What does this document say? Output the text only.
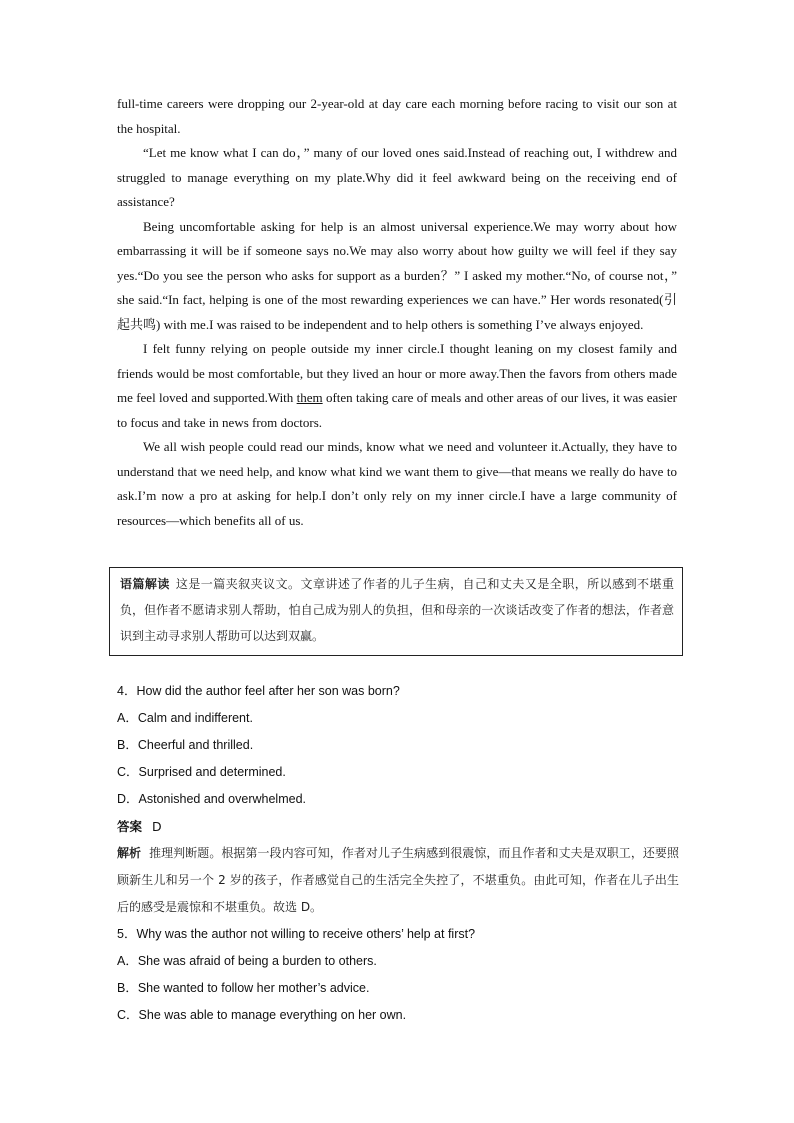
full-time careers were dropping our 2-year-old at day care each morning before racing to visit our son at the hospital.

“Let me know what I can do，” many of our loved ones said.Instead of reaching out, I withdrew and struggled to manage everything on my plate.Why did it feel awkward being on the receiving end of assistance?

Being uncomfortable asking for help is an almost universal experience.We may worry about how embarrassing it will be if someone says no.We may also worry about how guilty we will feel if they say yes.“Do you see the person who asks for support as a burden？” I asked my mother.“No, of course not，” she said.“In fact, helping is one of the most rewarding experiences we can have.” Her words resonated(引起共鸣) with me.I was raised to be independent and to help others is something I’ve always enjoyed.

I felt funny relying on people outside my inner circle.I thought leaning on my closest family and friends would be most comfortable, but they lived an hour or more away.Then the favors from others made me feel loved and supported.With them often taking care of meals and other areas of our lives, it was easier to focus and take in news from doctors.

We all wish people could read our minds, know what we need and volunteer it.Actually, they have to understand that we need help, and know what kind we want them to give—that means we really do have to ask.I’m now a pro at asking for help.I don’t only rely on my inner circle.I have a large community of resources—which benefits all of us.

语篇解读 这是一篇夹叙夹议文。文章讲述了作者的儿子生病，自己和丈夫又是全职，所以感到不堪重负，但作者不愿请求别人帮助，怕自己成为别人的负担，但和母亲的一次谈话改变了作者的想法，作者意识到主动寻求别人帮助可以达到双赢。

4．How did the author feel after her son was born?

A．Calm and indifferent.

B．Cheerful and thrilled.

C．Surprised and determined.

D．Astonished and overwhelmed.

答案 D

解析 推理判断题。根据第一段内容可知，作者对儿子生病感到很震惊，而且作者和丈夫是双职工，还要照顾新生儿和另一个 2 岁的孩子，作者感觉自己的生活完全失控了，不堪重负。由此可知，作者在儿子出生后的感受是震惊和不堪重负。故选 D。

5．Why was the author not willing to receive others’ help at first?

A．She was afraid of being a burden to others.

B．She wanted to follow her mother’s advice.

C．She was able to manage everything on her own.
